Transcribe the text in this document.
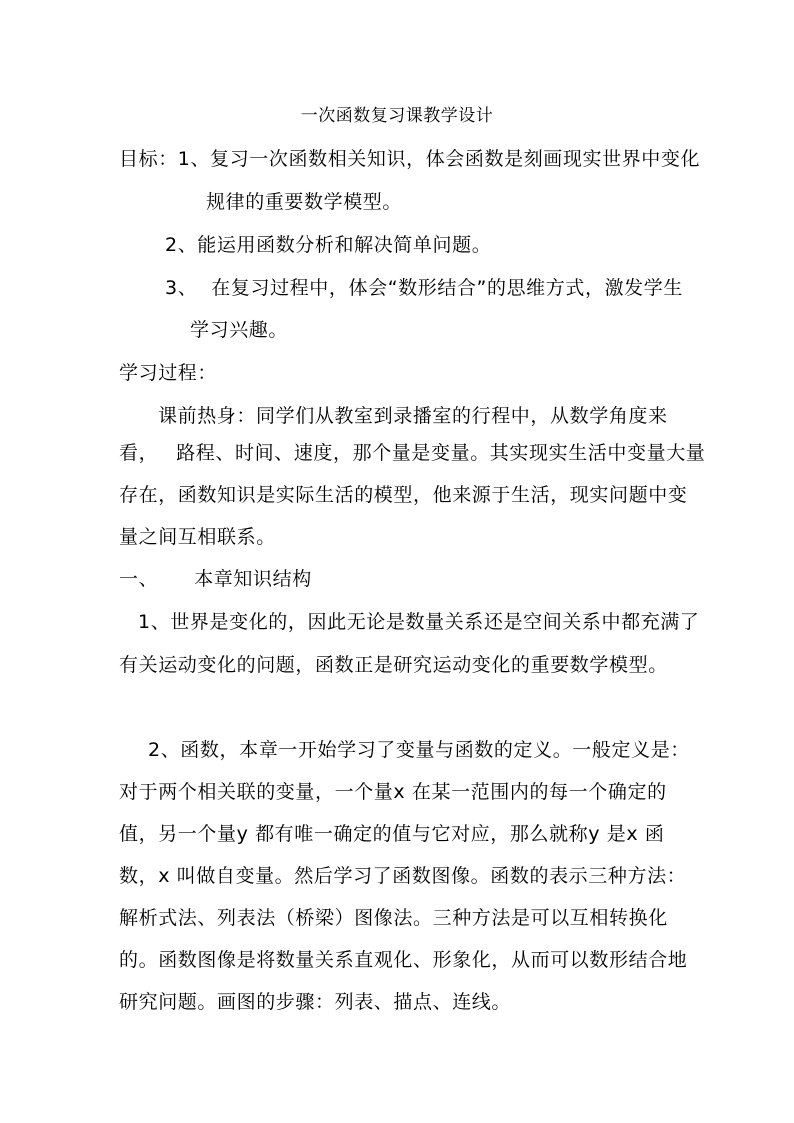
一次函数复习课教学设计
目标：1、复习一次函数相关知识，体会函数是刻画现实世界中变化
规律的重要数学模型。
2、能运用函数分析和解决简单问题。
3、 在复习过程中，体会“数形结合”的思维方式，激发学生
学习兴趣。
学习过程：
课前热身：同学们从教室到录播室的行程中，从数学角度来
看， 路程、时间、速度，那个量是变量。其实现实生活中变量大量
存在，函数知识是实际生活的模型，他来源于生活，现实问题中变
量之间互相联系。
一、 本章知识结构
1、世界是变化的，因此无论是数量关系还是空间关系中都充满了
有关运动变化的问题，函数正是研究运动变化的重要数学模型。
2、函数，本章一开始学习了变量与函数的定义。一般定义是：
对于两个相关联的变量，一个量x 在某一范围内的每一个确定的
值，另一个量y 都有唯一确定的值与它对应，那么就称y 是x 函
数，x 叫做自变量。然后学习了函数图像。函数的表示三种方法：
解析式法、列表法（桥梁）图像法。三种方法是可以互相转换化
的。函数图像是将数量关系直观化、形象化，从而可以数形结合地
研究问题。画图的步骤：列表、描点、连线。
